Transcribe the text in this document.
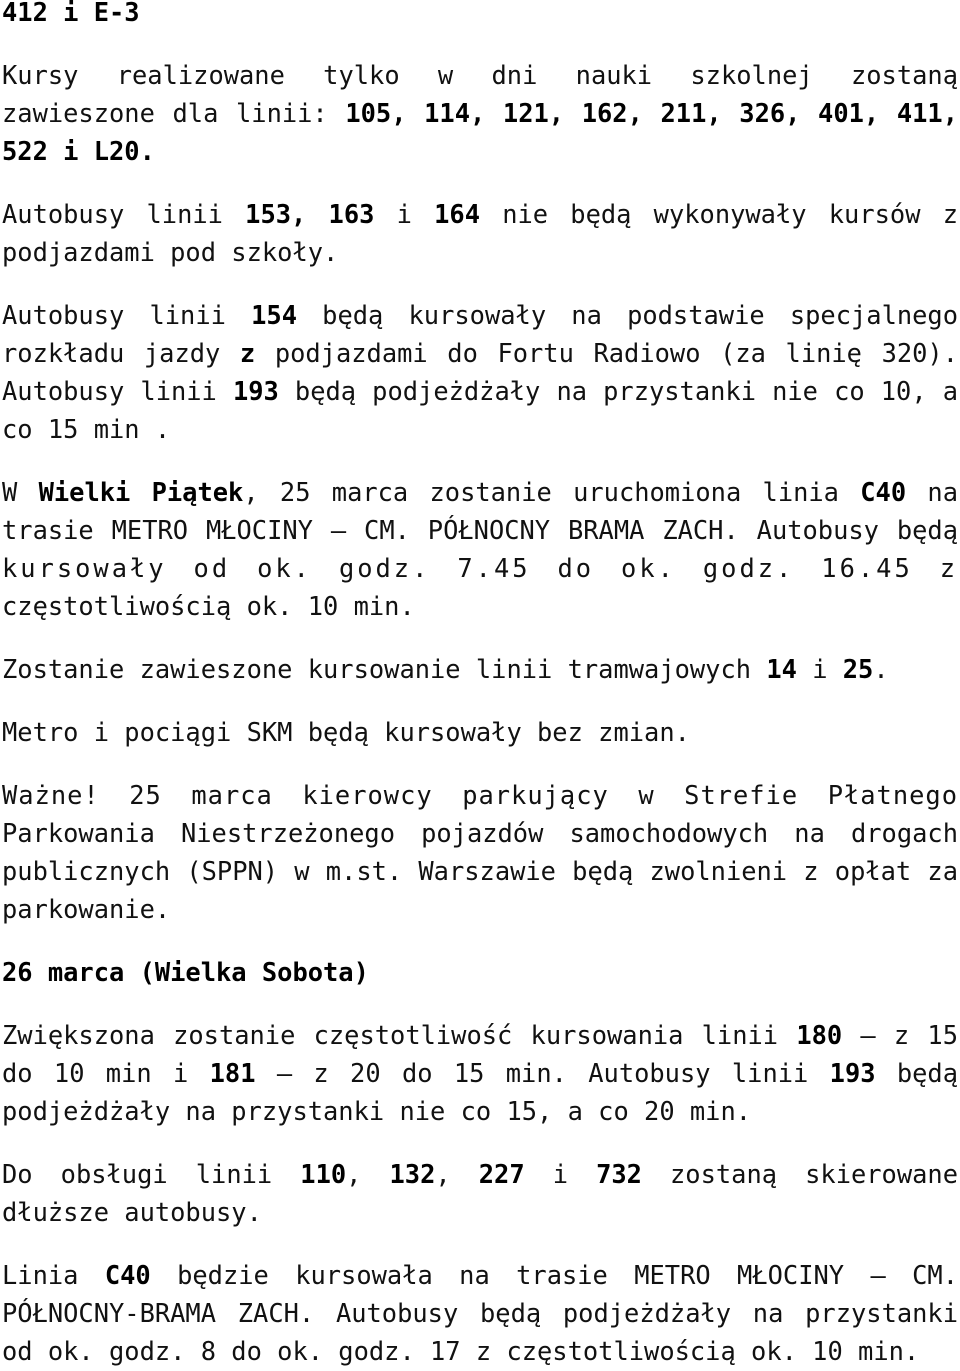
412 i E-3
Kursy realizowane tylko w dni nauki szkolnej zostaną
zawieszone dla linii: 105, 114, 121, 162, 211, 326, 401, 411,
522 i L20.
Autobusy linii 153, 163 i 164 nie będą wykonywały kursów z
podjazdami pod szkoły.
Autobusy linii 154 będą kursowały na podstawie specjalnego
rozkładu jazdy z podjazdami do Fortu Radiowo (za linię 320).
Autobusy linii 193 będą podjeżdżały na przystanki nie co 10, a
co 15 min .
W Wielki Piątek, 25 marca zostanie uruchomiona linia C40 na
trasie METRO MŁOCINY – CM. PÓŁNOCNY BRAMA ZACH. Autobusy będą
kursowały od ok. godz. 7.45 do ok. godz. 16.45 z
częstotliwością ok. 10 min.
Zostanie zawieszone kursowanie linii tramwajowych 14 i 25.
Metro i pociągi SKM będą kursowały bez zmian.
Ważne! 25 marca kierowcy parkujący w Strefie Płatnego
Parkowania Niestrzeżonego pojazdów samochodowych na drogach
publicznych (SPPN) w m.st. Warszawie będą zwolnieni z opłat za
parkowanie.
26 marca (Wielka Sobota)
Zwiększona zostanie częstotliwość kursowania linii 180 – z 15
do 10 min i 181 – z 20 do 15 min. Autobusy linii 193 będą
podjeżdżały na przystanki nie co 15, a co 20 min.
Do obsługi linii 110, 132, 227 i 732 zostaną skierowane
dłuższe autobusy.
Linia C40 będzie kursowała na trasie METRO MŁOCINY – CM.
PÓŁNOCNY-BRAMA ZACH. Autobusy będą podjeżdżały na przystanki
od ok. godz. 8 do ok. godz. 17 z częstotliwością ok. 10 min.
